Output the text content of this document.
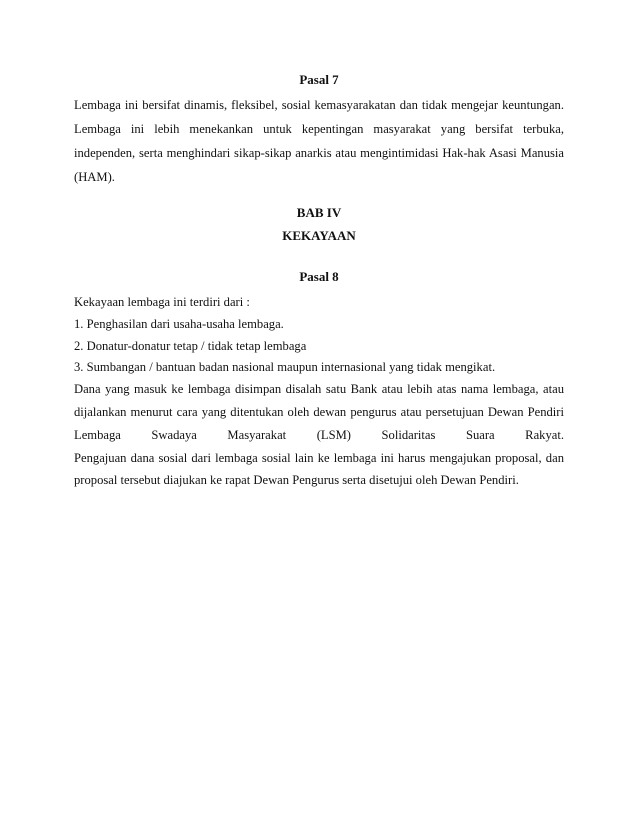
Pasal 7
Lembaga ini bersifat dinamis, fleksibel, sosial kemasyarakatan dan tidak mengejar keuntungan.
Lembaga ini lebih menekankan untuk kepentingan masyarakat yang bersifat terbuka,
independen, serta menghindari sikap-sikap anarkis atau mengintimidasi Hak-hak Asasi Manusia
(HAM).
BAB IV
KEKAYAAN
Pasal 8
Kekayaan lembaga ini terdiri dari :
1. Penghasilan dari usaha-usaha lembaga.
2. Donatur-donatur tetap / tidak tetap lembaga
3. Sumbangan / bantuan badan nasional maupun internasional yang tidak mengikat.
Dana yang masuk ke lembaga disimpan disalah satu Bank atau lebih atas nama lembaga, atau
dijalankan menurut cara yang ditentukan oleh dewan pengurus atau persetujuan Dewan Pendiri
Lembaga Swadaya Masyarakat (LSM) Solidaritas Suara Rakyat.
Pengajuan dana sosial dari lembaga sosial lain ke lembaga ini harus mengajukan proposal, dan
proposal tersebut diajukan ke rapat Dewan Pengurus serta disetujui oleh Dewan Pendiri.
